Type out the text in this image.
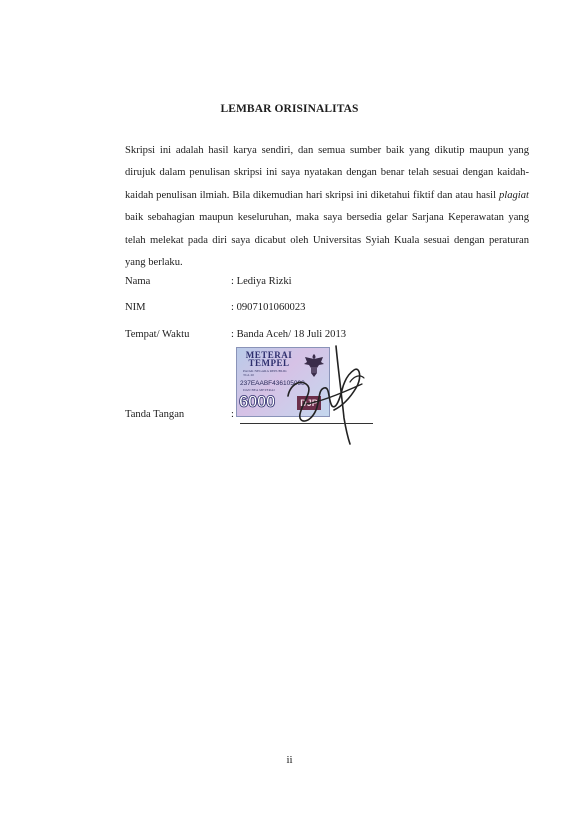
LEMBAR ORISINALITAS

Skripsi ini adalah hasil karya sendiri, dan semua sumber baik yang dikutip maupun yang dirujuk dalam penulisan skripsi ini saya nyatakan dengan benar telah sesuai dengan kaidah-kaidah penulisan ilmiah. Bila dikemudian hari skripsi ini diketahui fiktif dan atau hasil plagiat baik sebahagian maupun keseluruhan, maka saya bersedia gelar Sarjana Keperawatan yang telah melekat pada diri saya dicabut oleh Universitas Syiah Kuala sesuai dengan peraturan yang berlaku.

Nama	: Lediya Rizki
NIM	: 0907101060023
Tempat/ Waktu	: Banda Aceh/ 18 Juli 2013
Tanda Tangan	:
METERAI
TEMPEL
PAJAK NEGARA REPUBLIK
TGL 20
DAN BEA METERAI
237EAABF436105098
6000	DJP
ii
